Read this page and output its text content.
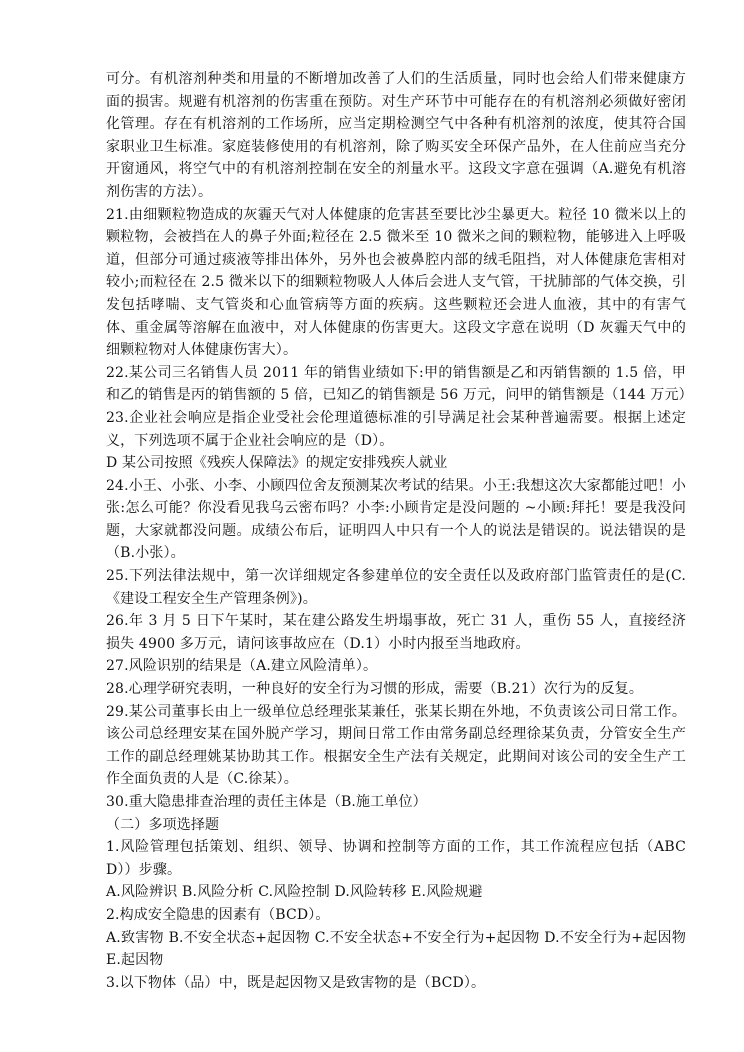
可分。有机溶剂种类和用量的不断增加改善了人们的生活质量，同时也会给人们带来健康方面的损害。规避有机溶剂的伤害重在预防。对生产环节中可能存在的有机溶剂必须做好密闭化管理。存在有机溶剂的工作场所，应当定期检测空气中各种有机溶剂的浓度，使其符合国家职业卫生标准。家庭装修使用的有机溶剂，除了购买安全环保产品外，在人住前应当充分开窗通风，将空气中的有机溶剂控制在安全的剂量水平。这段文字意在强调（A.避免有机溶剂伤害的方法）。

21.由细颗粒物造成的灰霾天气对人体健康的危害甚至要比沙尘暴更大。粒径 10 微米以上的颗粒物，会被挡在人的鼻子外面;粒径在 2.5 微米至 10 微米之间的颗粒物，能够进入上呼吸道，但部分可通过痰液等排出体外，另外也会被鼻腔内部的绒毛阻挡，对人体健康危害相对较小;而粒径在 2.5 微米以下的细颗粒物吸人人体后会进人支气管，干扰肺部的气体交换，引发包括哮喘、支气管炎和心血管病等方面的疾病。这些颗粒还会进人血液，其中的有害气体、重金属等溶解在血液中，对人体健康的伤害更大。这段文字意在说明（D 灰霾天气中的细颗粒物对人体健康伤害大）。

22.某公司三名销售人员 2011 年的销售业绩如下:甲的销售额是乙和丙销售额的 1.5 倍，甲和乙的销售是丙的销售额的 5 倍，已知乙的销售额是 56 万元，问甲的销售额是（144 万元）

23.企业社会响应是指企业受社会伦理道德标准的引导满足社会某种普遍需要。根据上述定义，下列选项不属于企业社会响应的是（D）。

D 某公司按照《残疾人保障法》的规定安排残疾人就业

24.小王、小张、小李、小顾四位舍友预测某次考试的结果。小王:我想这次大家都能过吧！小张:怎么可能？你没看见我乌云密布吗？小李:小顾肯定是没问题的 ~小顾:拜托！要是我没问题，大家就都没问题。成绩公布后，证明四人中只有一个人的说法是错误的。说法错误的是（B.小张）。

25.下列法律法规中，第一次详细规定各参建单位的安全责任以及政府部门监管责任的是(C.《建设工程安全生产管理条例》)。

26.年 3 月 5 日下午某时，某在建公路发生坍塌事故，死亡 31 人，重伤 55 人，直接经济损失 4900 多万元，请问该事故应在（D.1）小时内报至当地政府。

27.风险识别的结果是（A.建立风险清单）。

28.心理学研究表明，一种良好的安全行为习惯的形成，需要（B.21）次行为的反复。

29.某公司董事长由上一级单位总经理张某兼任，张某长期在外地，不负责该公司日常工作。该公司总经理安某在国外脱产学习，期间日常工作由常务副总经理徐某负责，分管安全生产工作的副总经理姚某协助其工作。根据安全生产法有关规定，此期间对该公司的安全生产工作全面负责的人是（C.徐某）。

30.重大隐患排查治理的责任主体是（B.施工单位）

（二）多项选择题

1.风险管理包括策划、组织、领导、协调和控制等方面的工作，其工作流程应包括（ABCD））步骤。

A.风险辨识 B.风险分析 C.风险控制 D.风险转移 E.风险规避

2.构成安全隐患的因素有（BCD）。

A.致害物 B.不安全状态+起因物 C.不安全状态+不安全行为+起因物 D.不安全行为+起因物 E.起因物

3.以下物体（品）中，既是起因物又是致害物的是（BCD）。
